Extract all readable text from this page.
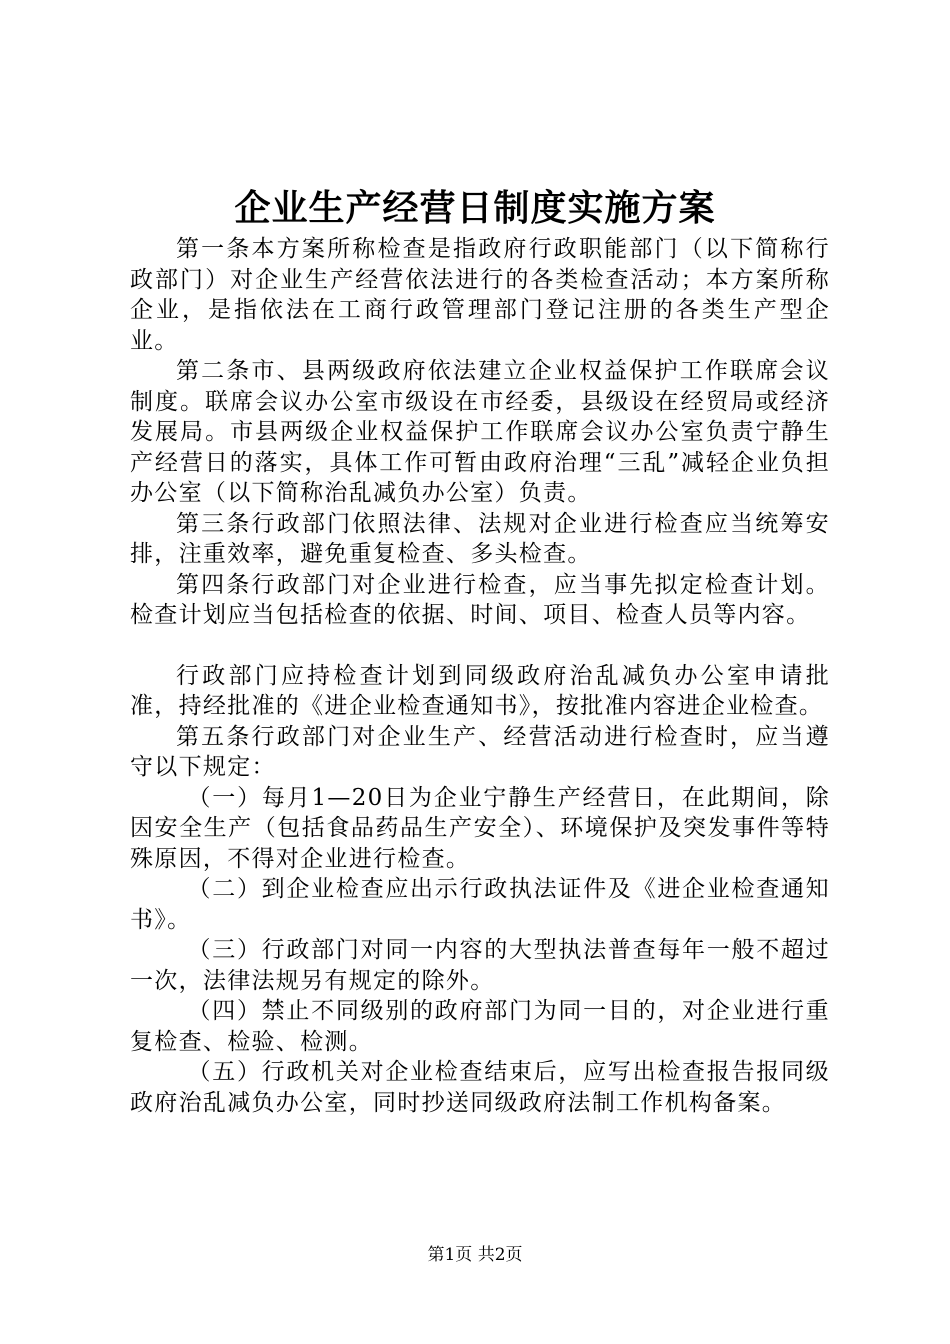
企业生产经营日制度实施方案

第一条本方案所称检查是指政府行政职能部门（以下简称行政部门）对企业生产经营依法进行的各类检查活动；本方案所称企业，是指依法在工商行政管理部门登记注册的各类生产型企业。

第二条市、县两级政府依法建立企业权益保护工作联席会议制度。联席会议办公室市级设在市经委，县级设在经贸局或经济发展局。市县两级企业权益保护工作联席会议办公室负责宁静生产经营日的落实，具体工作可暂由政府治理“三乱”减轻企业负担办公室（以下简称治乱减负办公室）负责。

第三条行政部门依照法律、法规对企业进行检查应当统筹安排，注重效率，避免重复检查、多头检查。

第四条行政部门对企业进行检查，应当事先拟定检查计划。检查计划应当包括检查的依据、时间、项目、检查人员等内容。

行政部门应持检查计划到同级政府治乱减负办公室申请批准，持经批准的《进企业检查通知书》，按批准内容进企业检查。

第五条行政部门对企业生产、经营活动进行检查时，应当遵守以下规定：

（一）每月1—20日为企业宁静生产经营日，在此期间，除因安全生产（包括食品药品生产安全）、环境保护及突发事件等特殊原因，不得对企业进行检查。

（二）到企业检查应出示行政执法证件及《进企业检查通知书》。

（三）行政部门对同一内容的大型执法普查每年一般不超过一次，法律法规另有规定的除外。

（四）禁止不同级别的政府部门为同一目的，对企业进行重复检查、检验、检测。

（五）行政机关对企业检查结束后，应写出检查报告报同级政府治乱减负办公室，同时抄送同级政府法制工作机构备案。

第1页 共2页
